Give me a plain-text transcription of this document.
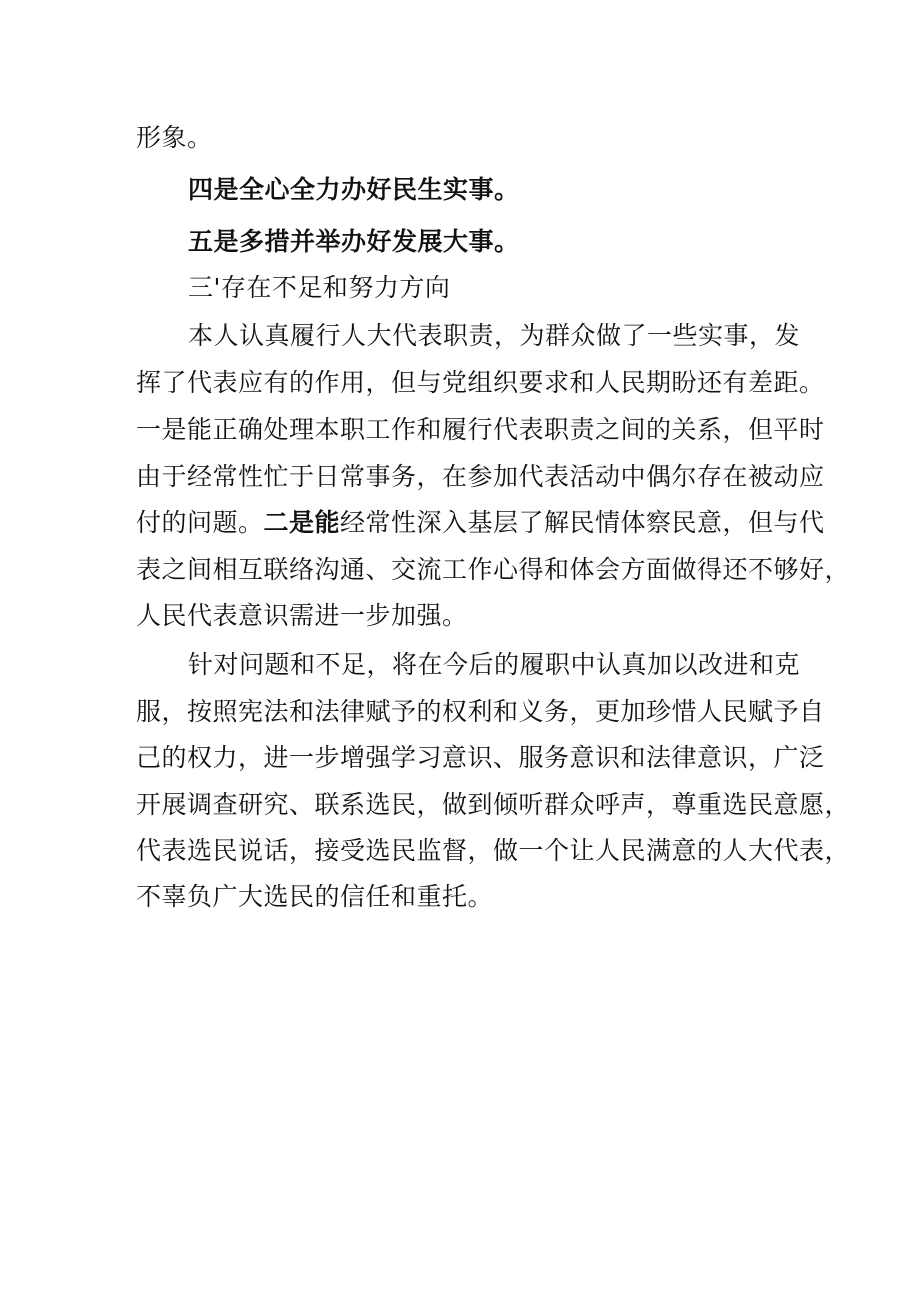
形象。
四是全心全力办好民生实事。
五是多措并举办好发展大事。
三'存在不足和努力方向
本人认真履行人大代表职责，为群众做了一些实事，发
挥了代表应有的作用，但与党组织要求和人民期盼还有差距。
一是能正确处理本职工作和履行代表职责之间的关系，但平时
由于经常性忙于日常事务，在参加代表活动中偶尔存在被动应
付的问题。二是能经常性深入基层了解民情体察民意，但与代
表之间相互联络沟通、交流工作心得和体会方面做得还不够好，
人民代表意识需进一步加强。
针对问题和不足，将在今后的履职中认真加以改进和克
服，按照宪法和法律赋予的权利和义务，更加珍惜人民赋予自
己的权力，进一步增强学习意识、服务意识和法律意识，广泛
开展调查研究、联系选民，做到倾听群众呼声，尊重选民意愿，
代表选民说话，接受选民监督，做一个让人民满意的人大代表，
不辜负广大选民的信任和重托。
